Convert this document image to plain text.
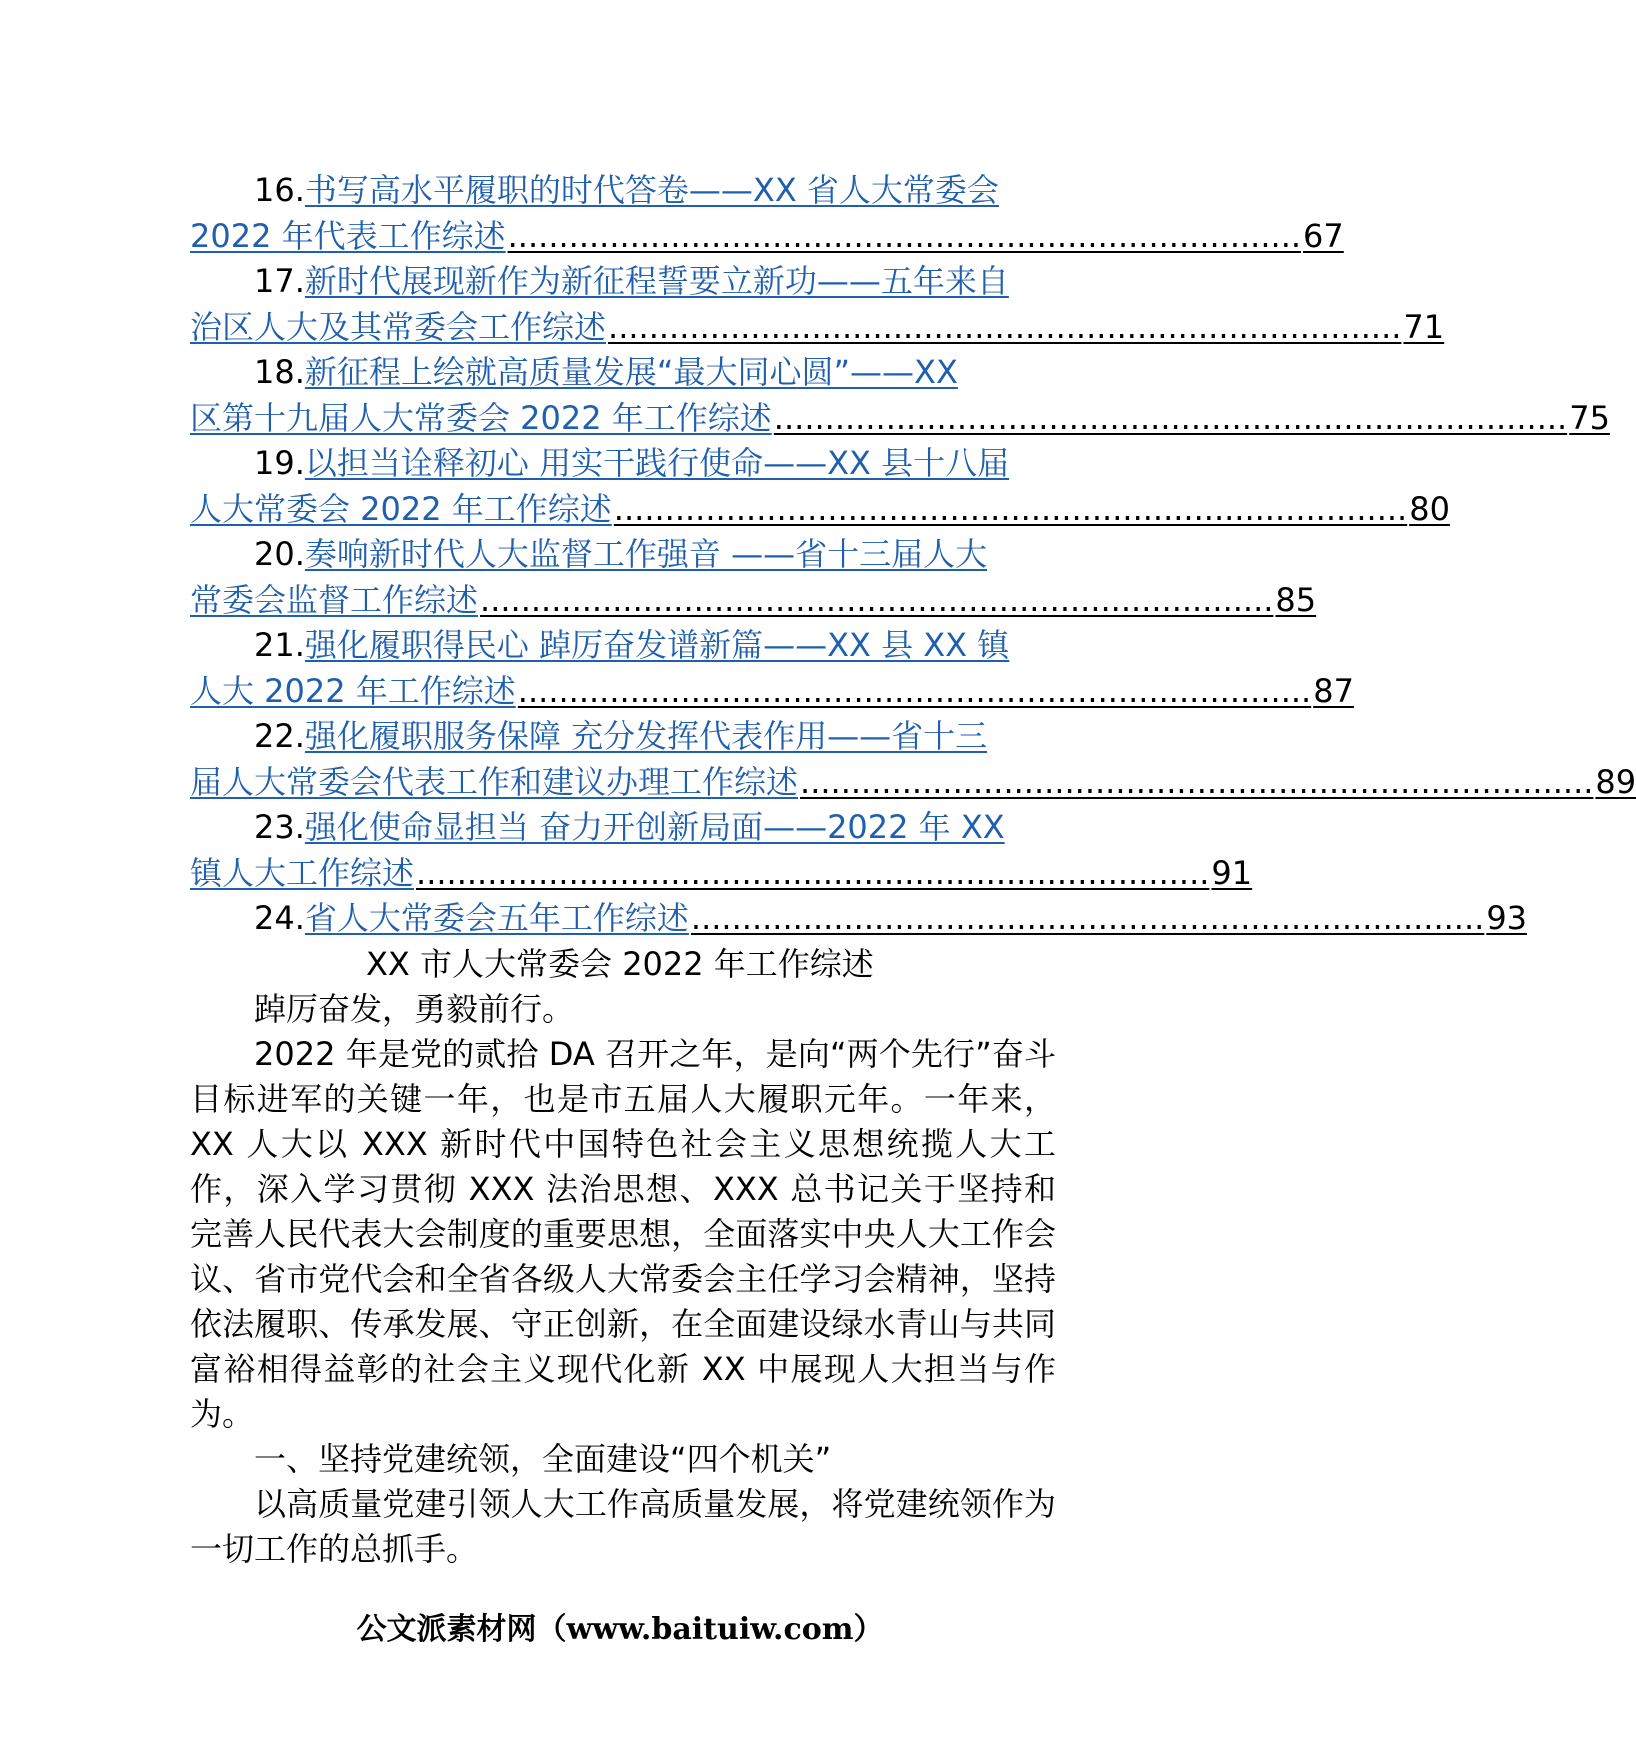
16.书写高水平履职的时代答卷——XX 省人大常委会
2022 年代表工作综述 .............................................................................. 67
17.新时代展现新作为新征程誓要立新功——五年来自
治区人大及其常委会工作综述 .............................................................................. 71
18.新征程上绘就高质量发展“最大同心圆”——XX
区第十九届人大常委会 2022 年工作综述 .............................................................................. 75
19.以担当诠释初心 用实干践行使命——XX 县十八届
人大常委会 2022 年工作综述 .............................................................................. 80
20.奏响新时代人大监督工作强音 ——省十三届人大
常委会监督工作综述 .............................................................................. 85
21.强化履职得民心 踔厉奋发谱新篇——XX 县 XX 镇
人大 2022 年工作综述 .............................................................................. 87
22.强化履职服务保障 充分发挥代表作用——省十三
届人大常委会代表工作和建议办理工作综述 .............................................................................. 89
23.强化使命显担当 奋力开创新局面——2022 年 XX
镇人大工作综述 .............................................................................. 91
24. 省人大常委会五年工作综述 .............................................................................. 93
XX 市人大常委会 2022 年工作综述

踔厉奋发，勇毅前行。

2022 年是党的贰拾 DA 召开之年，是向“两个先行”奋斗目标进军的关键一年，也是市五届人大履职元年。一年来，XX 人大以 XXX 新时代中国特色社会主义思想统揽人大工作，深入学习贯彻 XXX 法治思想、XXX 总书记关于坚持和完善人民代表大会制度的重要思想，全面落实中央人大工作会议、省市党代会和全省各级人大常委会主任学习会精神，坚持依法履职、传承发展、守正创新，在全面建设绿水青山与共同富裕相得益彰的社会主义现代化新 XX 中展现人大担当与作为。

一、坚持党建统领，全面建设“四个机关”

以高质量党建引领人大工作高质量发展，将党建统领作为一切工作的总抓手。

公文派素材网（www.baituiw.com）
